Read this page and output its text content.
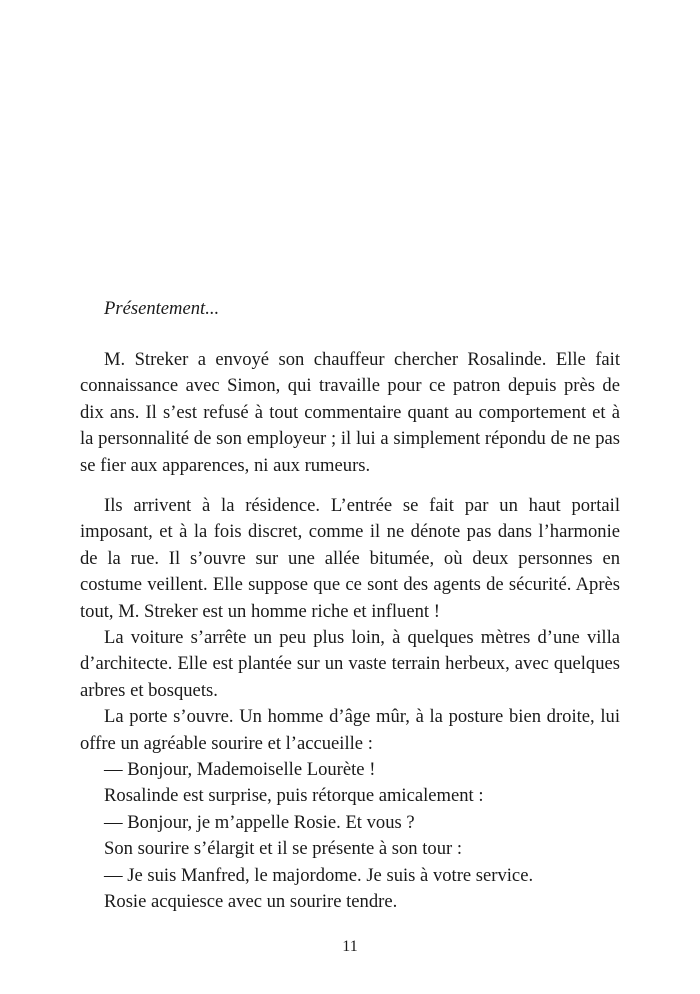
Présentement...

M. Streker a envoyé son chauffeur chercher Rosalinde. Elle fait connaissance avec Simon, qui travaille pour ce patron depuis près de dix ans. Il s’est refusé à tout commentaire quant au comportement et à la personnalité de son employeur ; il lui a simplement répondu de ne pas se fier aux apparences, ni aux rumeurs.

Ils arrivent à la résidence. L’entrée se fait par un haut portail imposant, et à la fois discret, comme il ne dénote pas dans l’harmonie de la rue. Il s’ouvre sur une allée bitumée, où deux personnes en costume veillent. Elle suppose que ce sont des agents de sécurité. Après tout, M. Streker est un homme riche et influent !

La voiture s’arrête un peu plus loin, à quelques mètres d’une villa d’architecte. Elle est plantée sur un vaste terrain herbeux, avec quelques arbres et bosquets.

La porte s’ouvre. Un homme d’âge mûr, à la posture bien droite, lui offre un agréable sourire et l’accueille :

— Bonjour, Mademoiselle Lourète !

Rosalinde est surprise, puis rétorque amicalement :

— Bonjour, je m’appelle Rosie. Et vous ?

Son sourire s’élargit et il se présente à son tour :

— Je suis Manfred, le majordome. Je suis à votre service.

Rosie acquiesce avec un sourire tendre.

11
